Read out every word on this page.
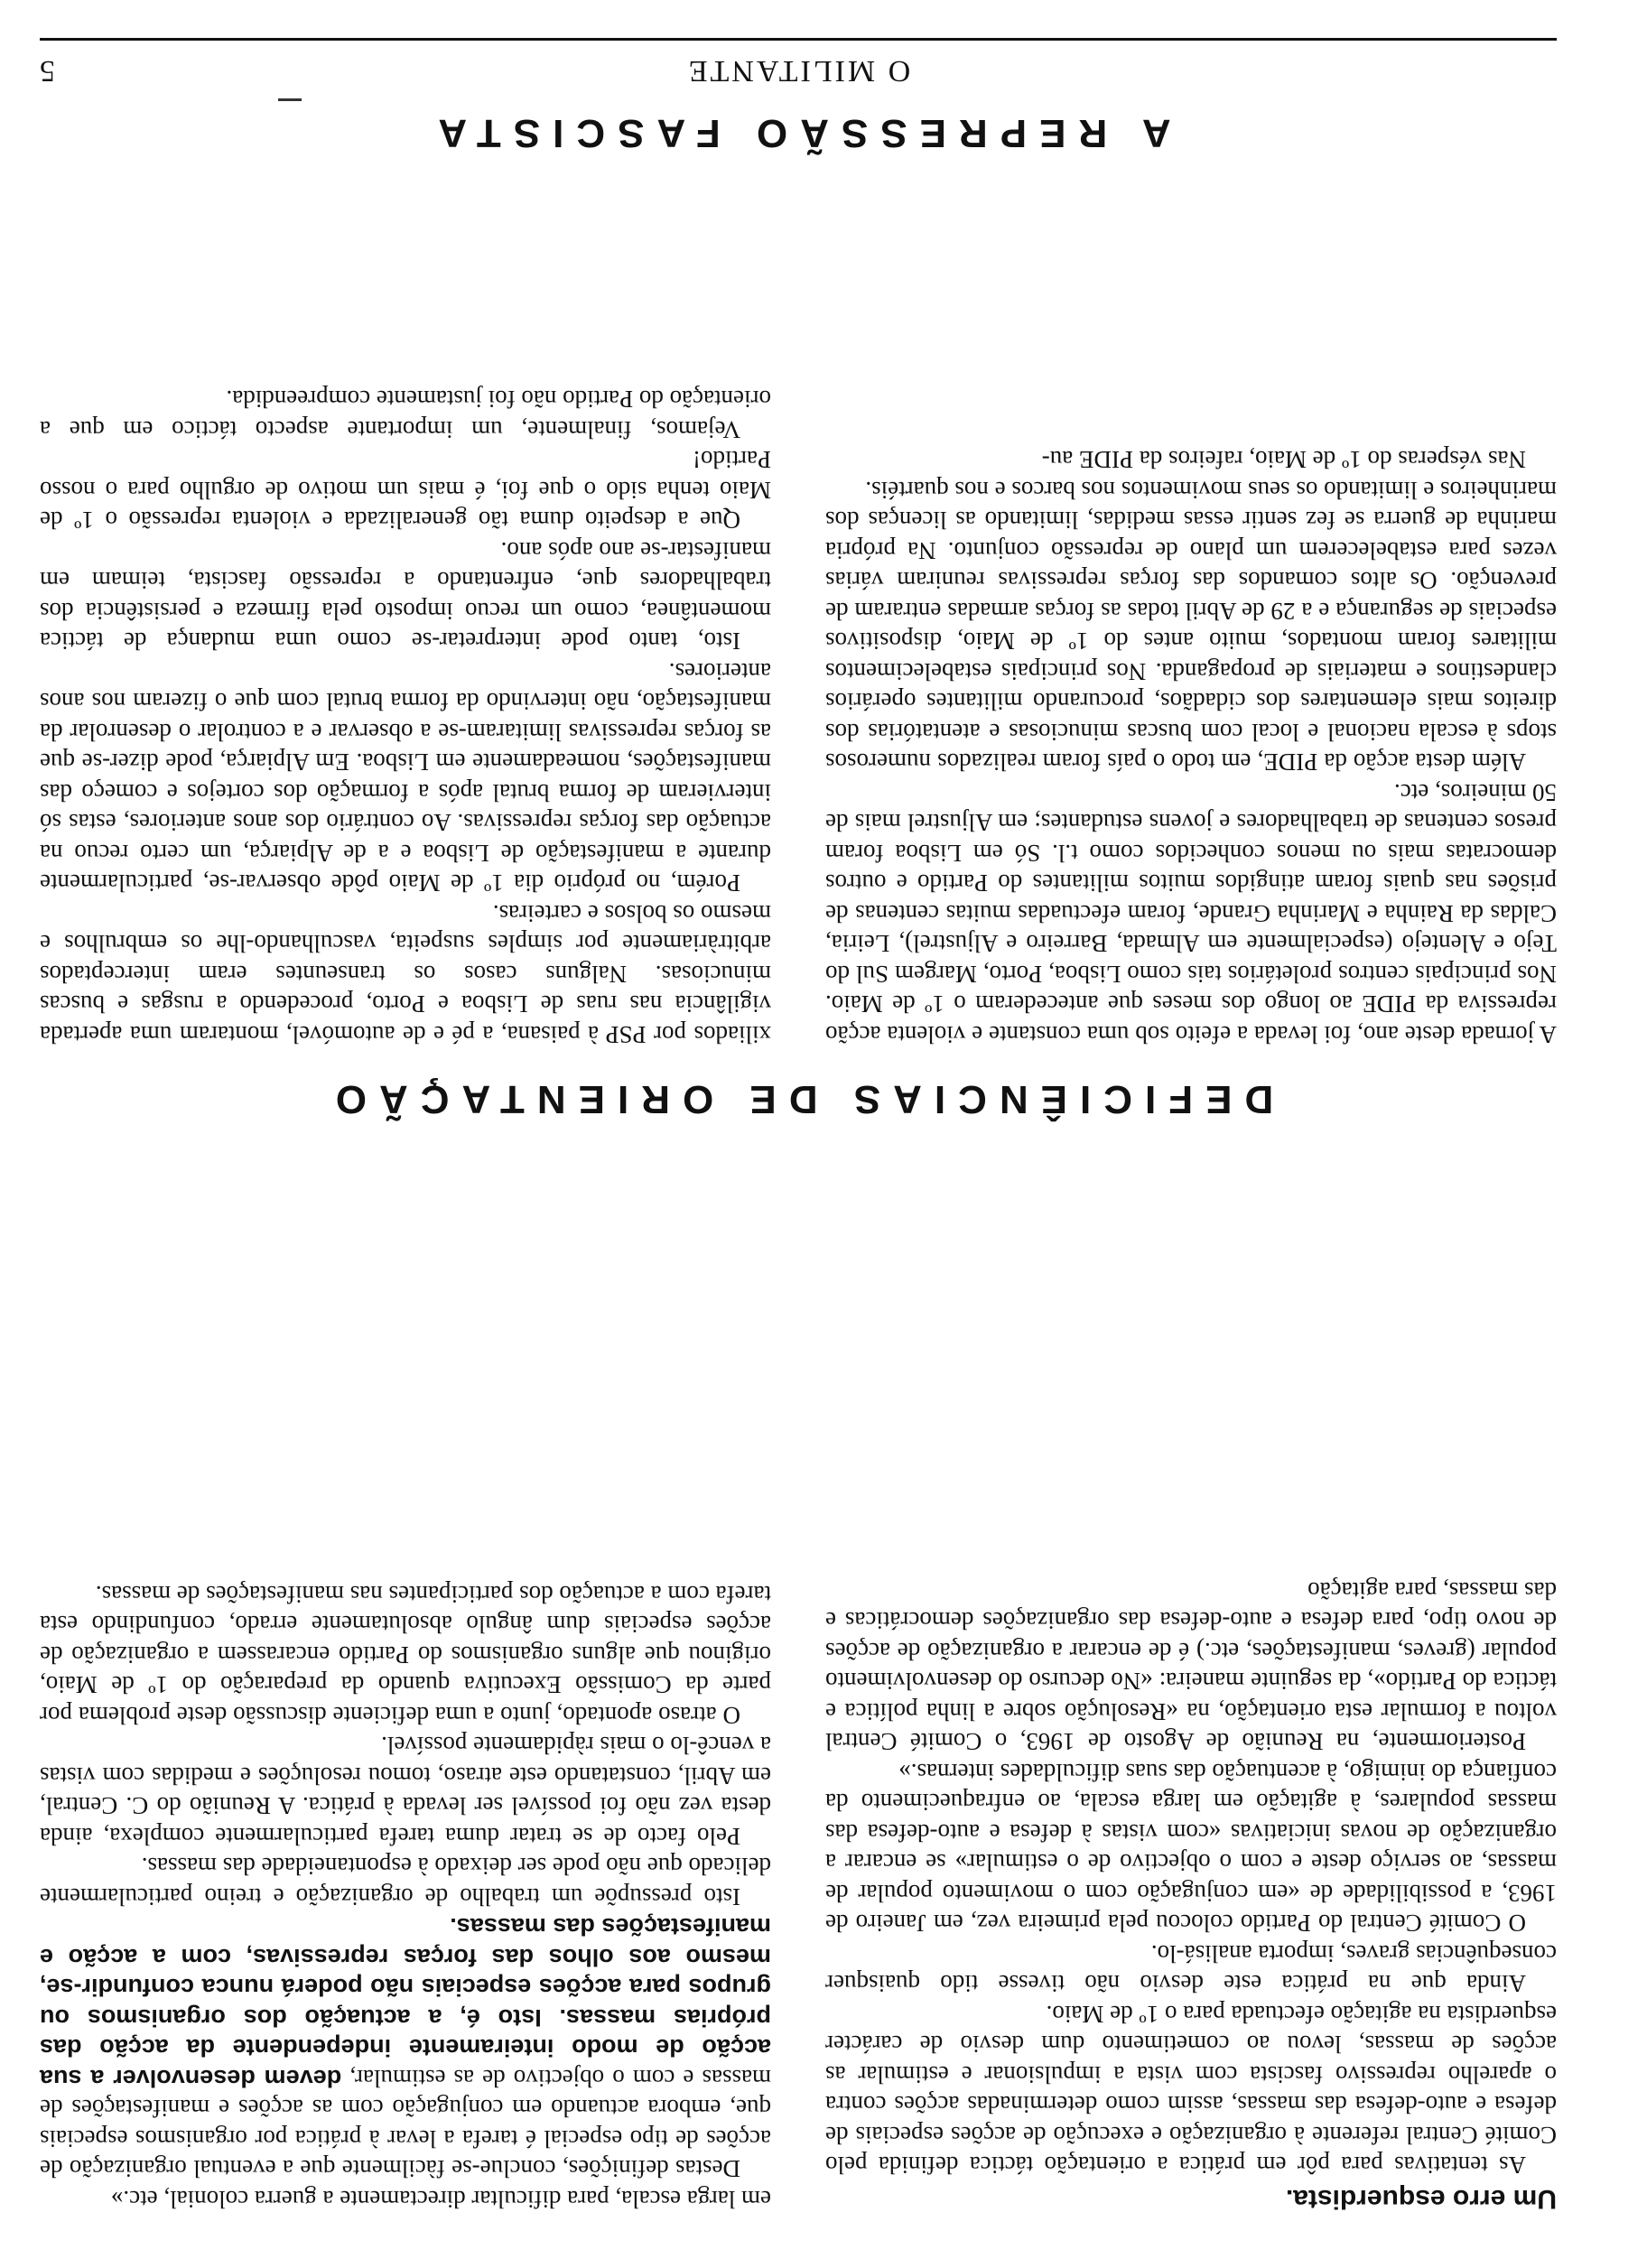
O MILITANTE
5
A REPRESSÃO FASCISTA

A jornada deste ano, foi levada a efeito sob uma constante e violenta acção repressiva da PIDE ao longo dos meses que antecederam o 1º de Maio. Nos principais centros proletários tais como Lisboa, Porto, Margem Sul do Tejo e Alentejo (especialmente em Almada, Barreiro e Aljustrel), Leiria, Caldas da Rainha e Marinha Grande, foram efectuadas muitas centenas de prisões nas quais foram atingidos muitos militantes do Partido e outros democratas mais ou menos conhecidos como t.l. Só em Lisboa foram presos centenas de trabalhadores e jovens estudantes; em Aljustrel mais de 50 mineiros, etc.

Além desta acção da PIDE, em todo o país foram realizados numerosos stops à escala nacional e local com buscas minuciosas e atentatórias dos direitos mais elementares dos cidadãos, procurando militantes operários clandestinos e materiais de propaganda. Nos principais estabelecimentos militares foram montados, muito antes do 1º de Maio, dispositivos especiais de segurança e a 29 de Abril todas as forças armadas entraram de prevenção. Os altos comandos das forças repressivas reuniram várias vezes para estabelecerem um plano de repressão conjunto. Na própria marinha de guerra se fez sentir essas medidas, limitando as licenças dos marinheiros e limitando os seus movimentos nos barcos e nos quartéis.

Nas vésperas do 1º de Maio, rafeiros da PIDE au-

xiliados por PSP à paisana, a pé e de automóvel, montaram uma apertada vigilância nas ruas de Lisboa e Porto, procedendo a rusgas e buscas minuciosas. Nalguns casos os transeuntes eram interceptados arbitràriamente por simples suspeita, vasculhando-lhe os embrulhos e mesmo os bolsos e carteiras.

Porém, no próprio dia 1º de Maio pôde observar-se, particularmente durante a manifestação de Lisboa e a de Alpiarça, um certo recuo na actuação das forças repressivas. Ao contrário dos anos anteriores, estas só intervieram de forma brutal após a formação dos cortejos e começo das manifestações, nomeadamente em Lisboa. Em Alpiarça, pode dizer-se que as forças repressivas limitaram-se a observar e a controlar o desenrolar da manifestação, não intervindo da forma brutal com que o fizeram nos anos anteriores.

Isto, tanto pode interpretar-se como uma mudança de táctica momentânea, como um recuo imposto pela firmeza e persistência dos trabalhadores que, enfrentando a repressão fascista, teimam em manifestar-se ano após ano.

Que a despeito duma tão generalizada e violenta repressão o 1º de Maio tenha sido o que foi, é mais um motivo de orgulho para o nosso Partido!

Vejamos, finalmente, um importante aspecto táctico em que a orientação do Partido não foi justamente compreendida.

DEFICIÊNCIAS DE ORIENTAÇÃO

Um erro esquerdista.

As tentativas para pôr em prática a orientação táctica definida pelo Comité Central referente à organização e execução de acções especiais de defesa e auto-defesa das massas, assim como determinadas acções contra o aparelho repressivo fascista com vista a impulsionar e estimular as acções de massas, levou ao cometimento dum desvio de carácter esquerdista na agitação efectuada para o 1º de Maio.

Ainda que na prática este desvio não tivesse tido quaisquer consequências graves, importa analisá-lo.

O Comité Central do Partido colocou pela primeira vez, em Janeiro de 1963, a possibilidade de «em conjugação com o movimento popular de massas, ao serviço deste e com o objectivo de o estimular» se encarar a organização de novas iniciativas «com vistas à defesa e auto-defesa das massas populares, à agitação em larga escala, ao enfraquecimento da confiança do inimigo, à acentuação das suas dificuldades internas.»

Posteriormente, na Reunião de Agosto de 1963, o Comité Central voltou a formular esta orientação, na «Resolução sobre a linha política e táctica do Partido», da seguinte maneira: «No decurso do desenvolvimento popular (greves, manifestações, etc.) é de encarar a organização de acções de novo tipo, para defesa e auto-defesa das organizações democráticas e das massas, para agitação

em larga escala, para dificultar directamente a guerra colonial, etc.»

Destas definições, conclue-se fàcilmente que a eventual organização de acções de tipo especial é tarefa a levar à prática por organismos especiais que, embora actuando em conjugação com as acções e manifestações de massas e com o objectivo de as estimular, devem desenvolver a sua acção de modo inteiramente independente da acção das próprias massas. Isto é, a actuação dos organismos ou grupos para acções especiais não poderá nunca confundir-se, mesmo aos olhos das forças repressivas, com a acção e manifestações das massas.

Isto pressupõe um trabalho de organização e treino particularmente delicado que não pode ser deixado à espontaneidade das massas.

Pelo facto de se tratar duma tarefa particularmente complexa, ainda desta vez não foi possível ser levada à prática. A Reunião do C. Central, em Abril, constatando este atraso, tomou resoluções e medidas com vistas a vencê-lo o mais ràpidamente possível.

O atraso apontado, junto a uma deficiente discussão deste problema por parte da Comissão Executiva quando da preparação do 1º de Maio, originou que alguns organismos do Partido encarassem a organização de acções especiais dum ângulo absolutamente errado, confundindo esta tarefa com a actuação dos participantes nas manifestações de massas.
